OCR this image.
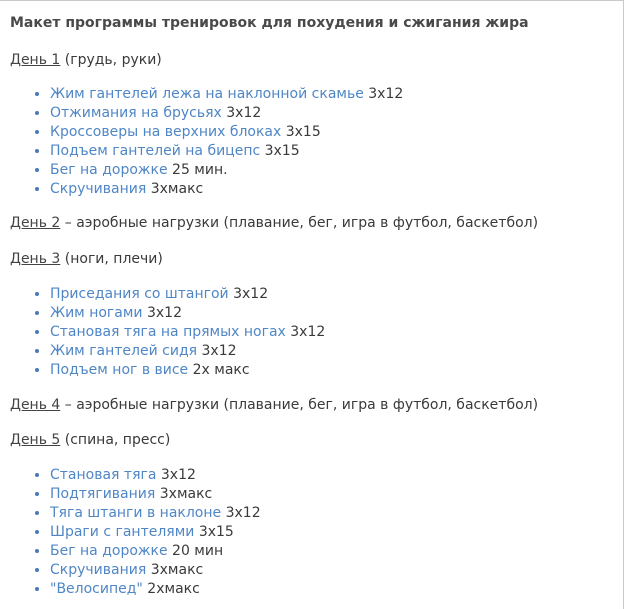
Макет программы тренировок для похудения и сжигания жира

День 1 (грудь, руки)

• Жим гантелей лежа на наклонной скамье 3х12
• Отжимания на брусьях 3х12
• Кроссоверы на верхних блоках 3х15
• Подъем гантелей на бицепс 3х15
• Бег на дорожке 25 мин.
• Скручивания 3хмакс

День 2 – аэробные нагрузки (плавание, бег, игра в футбол, баскетбол)

День 3 (ноги, плечи)

• Приседания со штангой 3х12
• Жим ногами 3х12
• Становая тяга на прямых ногах 3х12
• Жим гантелей сидя 3х12
• Подъем ног в висе 2х макс

День 4 – аэробные нагрузки (плавание, бег, игра в футбол, баскетбол)

День 5 (спина, пресс)

• Становая тяга 3х12
• Подтягивания 3хмакс
• Тяга штанги в наклоне 3х12
• Шраги с гантелями 3х15
• Бег на дорожке 20 мин
• Скручивания 3хмакс
• "Велосипед" 2хмакс
